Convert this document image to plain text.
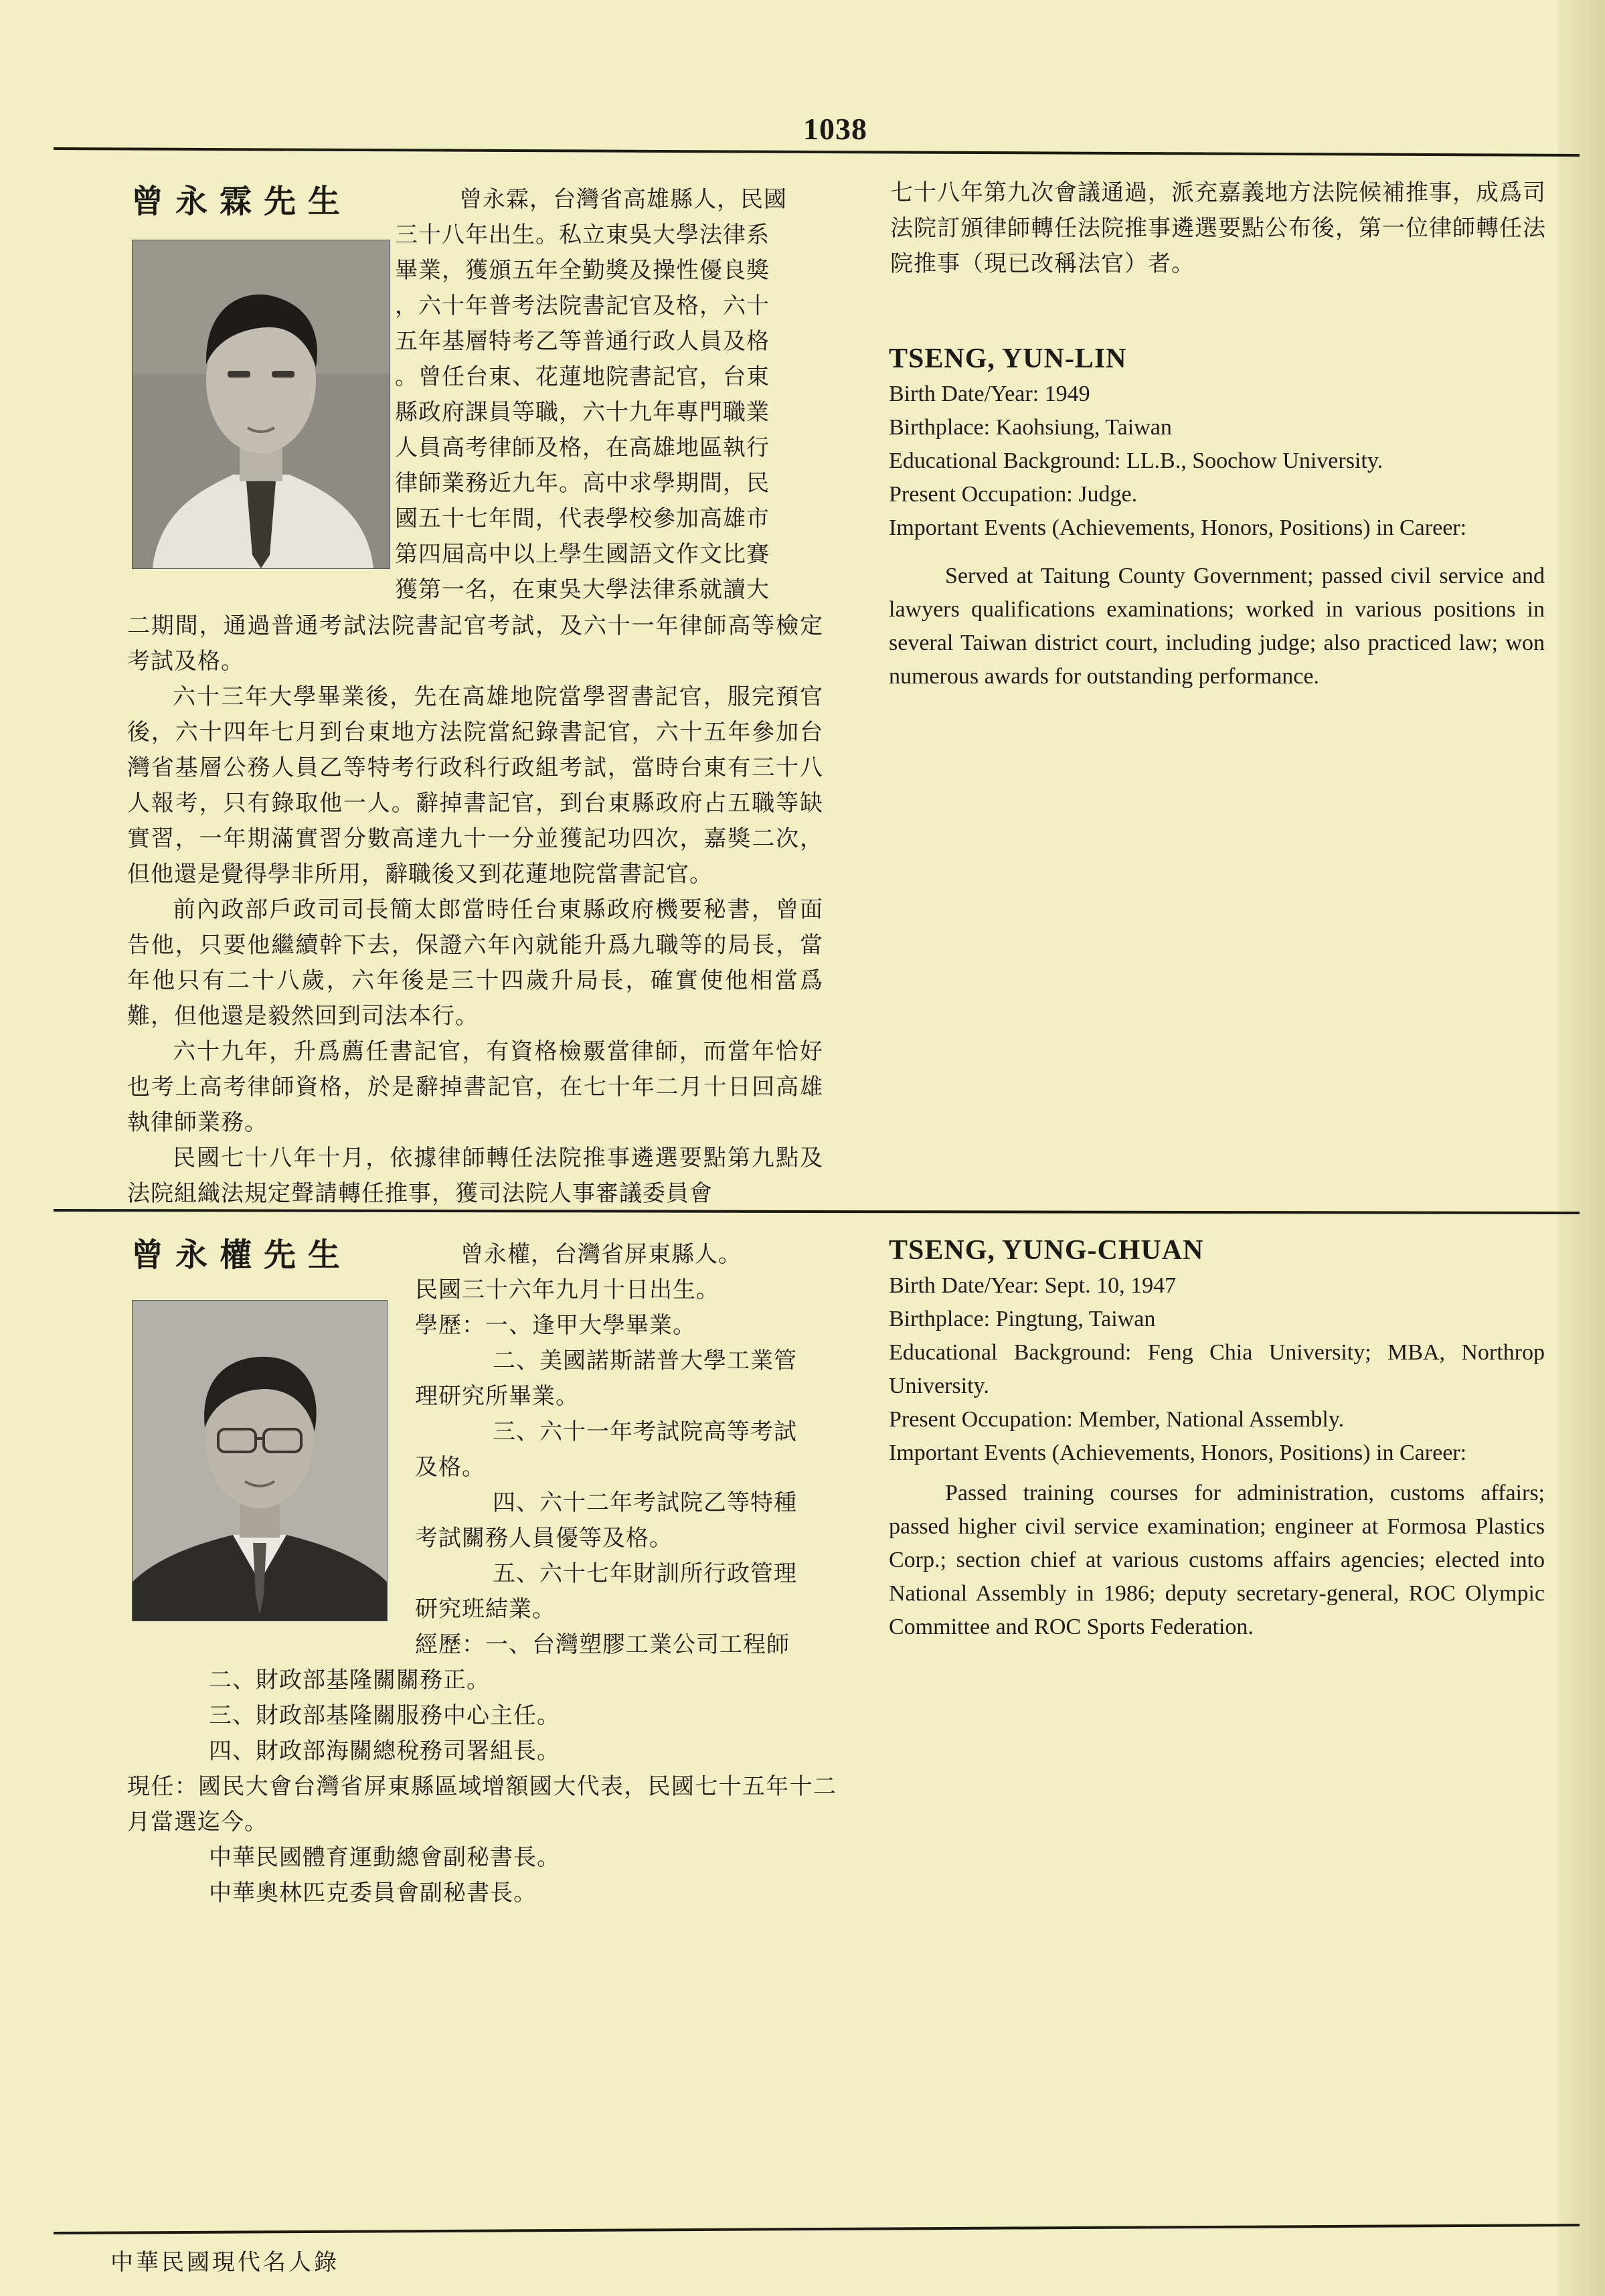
1038
曾永霖先生	曾永霖，台灣省高雄縣人，民國
三十八年出生。私立東吳大學法律系
畢業，獲頒五年全勤獎及操性優良獎
，六十年普考法院書記官及格，六十
五年基層特考乙等普通行政人員及格
。曾任台東、花蓮地院書記官，台東
縣政府課員等職，六十九年專門職業
人員高考律師及格，在高雄地區執行
律師業務近九年。高中求學期間，民
國五十七年間，代表學校參加高雄市
第四屆高中以上學生國語文作文比賽
獲第一名，在東吳大學法律系就讀大

二期間，通過普通考試法院書記官考試，及六十一年律師高等檢定考試及格。

六十三年大學畢業後，先在高雄地院當學習書記官，服完預官後，六十四年七月到台東地方法院當紀錄書記官，六十五年參加台灣省基層公務人員乙等特考行政科行政組考試，當時台東有三十八人報考，只有錄取他一人。辭掉書記官，到台東縣政府占五職等缺實習，一年期滿實習分數高達九十一分並獲記功四次，嘉獎二次，但他還是覺得學非所用，辭職後又到花蓮地院當書記官。

前內政部戶政司司長簡太郎當時任台東縣政府機要秘書，曾面告他，只要他繼續幹下去，保證六年內就能升爲九職等的局長，當年他只有二十八歲，六年後是三十四歲升局長，確實使他相當爲難，但他還是毅然回到司法本行。

六十九年，升爲薦任書記官，有資格檢覈當律師，而當年恰好也考上高考律師資格，於是辭掉書記官，在七十年二月十日回高雄執律師業務。

民國七十八年十月，依據律師轉任法院推事遴選要點第九點及法院組織法規定聲請轉任推事，獲司法院人事審議委員會

七十八年第九次會議通過，派充嘉義地方法院候補推事，成爲司法院訂頒律師轉任法院推事遴選要點公布後，第一位律師轉任法院推事（現已改稱法官）者。

TSENG, YUN-LIN
Birth Date/Year: 1949
Birthplace: Kaohsiung, Taiwan
Educational Background: LL.B., Soochow University.
Present Occupation: Judge.

Important Events (Achievements, Honors, Positions) in Career:

Served at Taitung County Government; passed civil service and lawyers qualifications examinations; worked in various positions in several Taiwan district court, including judge; also practiced law; won numerous awards for outstanding performance.

曾永權先生	曾永權，台灣省屏東縣人。
民國三十六年九月十日出生。
學歷：一、逢甲大學畢業。
二、美國諾斯諾普大學工業管
理研究所畢業。
三、六十一年考試院高等考試
及格。
四、六十二年考試院乙等特種
考試關務人員優等及格。
五、六十七年財訓所行政管理
研究班結業。
經歷：一、台灣塑膠工業公司工程師
二、財政部基隆關關務正。
三、財政部基隆關服務中心主任。
四、財政部海關總稅務司署組長。

現任：國民大會台灣省屏東縣區域增額國大代表，民國七十五年十二月當選迄今。

中華民國體育運動總會副秘書長。
中華奧林匹克委員會副秘書長。
TSENG, YUNG-CHUAN
Birth Date/Year: Sept. 10, 1947
Birthplace: Pingtung, Taiwan

Educational Background: Feng Chia University; MBA, Northrop University.

Present Occupation: Member, National Assembly.

Important Events (Achievements, Honors, Positions) in Career:

Passed training courses for administration, customs affairs; passed higher civil service examination; engineer at Formosa Plastics Corp.; section chief at various customs affairs agencies; elected into National Assembly in 1986; deputy secretary-general, ROC Olympic Committee and ROC Sports Federation.

中華民國現代名人錄
